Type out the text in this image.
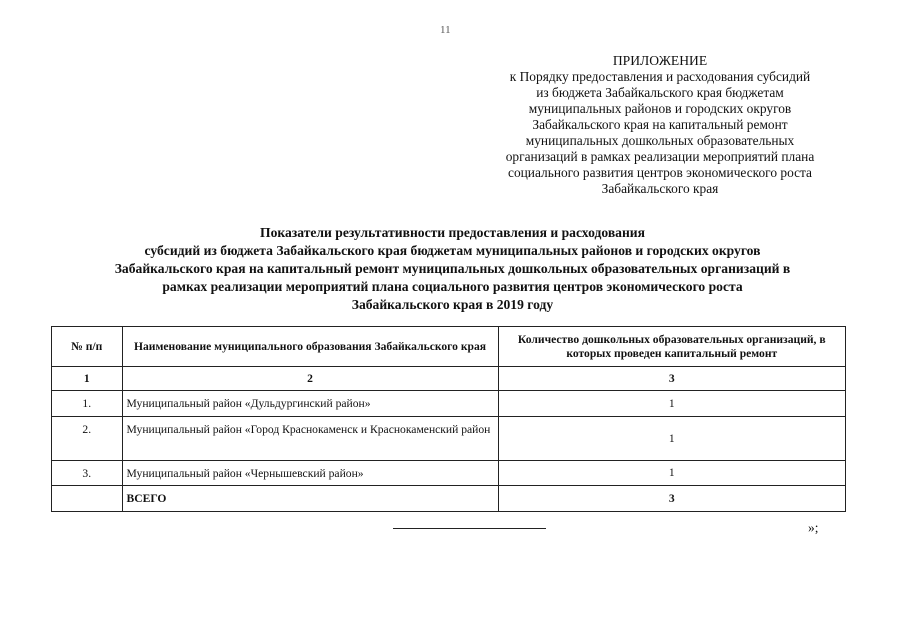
11
ПРИЛОЖЕНИЕ
к Порядку предоставления и расходования субсидий
из бюджета Забайкальского края бюджетам
муниципальных районов и городских округов
Забайкальского края на капитальный ремонт
муниципальных дошкольных образовательных
организаций в рамках реализации мероприятий плана
социального развития центров экономического роста
Забайкальского края
Показатели результативности предоставления и расходования
субсидий из бюджета Забайкальского края бюджетам муниципальных районов и городских округов
Забайкальского края на капитальный ремонт муниципальных дошкольных образовательных организаций в
рамках реализации мероприятий плана социального развития центров экономического роста
Забайкальского края в 2019 году
№ п/п	Наименование муниципального образования Забайкальского края	Количество дошкольных образовательных организаций, в которых проведен капитальный ремонт
1	2	3
1.	Муниципальный район «Дульдургинский район»	1
2.	Муниципальный район «Город Краснокаменск и Краснокаменский район	1
3.	Муниципальный район «Чернышевский район»	1
	ВСЕГО	3
»;
